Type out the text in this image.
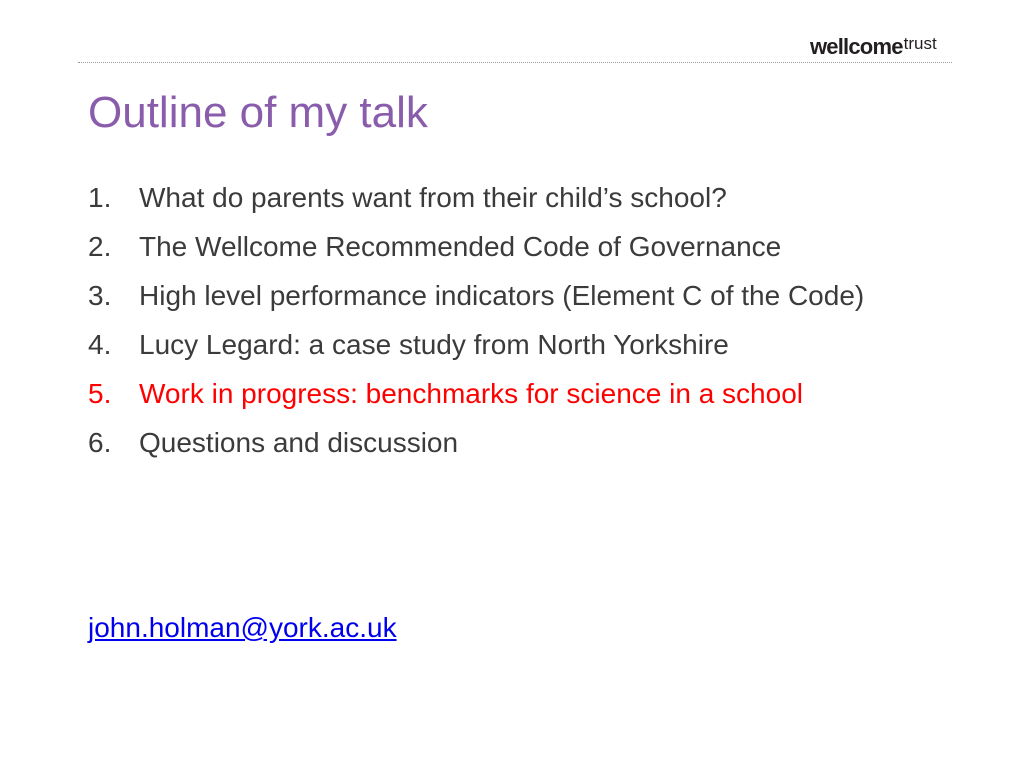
wellcometrust
Outline of my talk
1. What do parents want from their child’s school?
2. The Wellcome Recommended Code of Governance
3. High level performance indicators (Element C of the Code)
4. Lucy Legard: a case study from North Yorkshire
5. Work in progress: benchmarks for science in a school
6. Questions and discussion
john.holman@york.ac.uk
